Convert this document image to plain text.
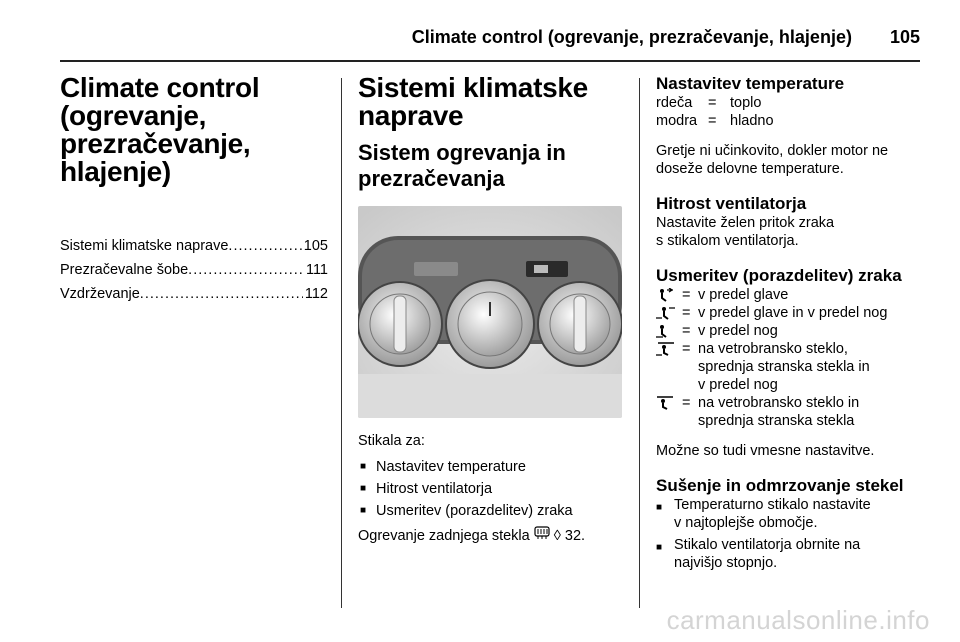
Climate control (ogrevanje, prezračevanje, hlajenje) 105
Climate control
(ogrevanje,
prezračevanje,
hlajenje)
Sistemi klimatske naprave .....	105
Prezračevalne šobe .....	111
Vzdrževanje .....	112
Sistemi klimatske
naprave
Sistem ogrevanja in
prezračevanja
Stikala za:
■ Nastavitev temperature
■ Hitrost ventilatorja
■ Usmeritev (porazdelitev) zraka
Ogrevanje zadnjega stekla ◊ 32.
Nastavitev temperature
rdeča	= toplo
modra = hladno
Gretje ni učinkovito, dokler motor ne doseže delovne temperature.
Hitrost ventilatorja
Nastavite želen pritok zraka
s stikalom ventilatorja.
Usmeritev (porazdelitev) zraka
= v predel glave
= v predel glave in v predel nog
= v predel nog
= na vetrobransko steklo,
sprednja stranska stekla in
v predel nog
= na vetrobransko steklo in
sprednja stranska stekla
Možne so tudi vmesne nastavitve.
Sušenje in odmrzovanje stekel
■ Temperaturno stikalo nastavite
v najtoplejše območje.
■ Stikalo ventilatorja obrnite na
najvišjo stopnjo.
carmanualsonline.info
